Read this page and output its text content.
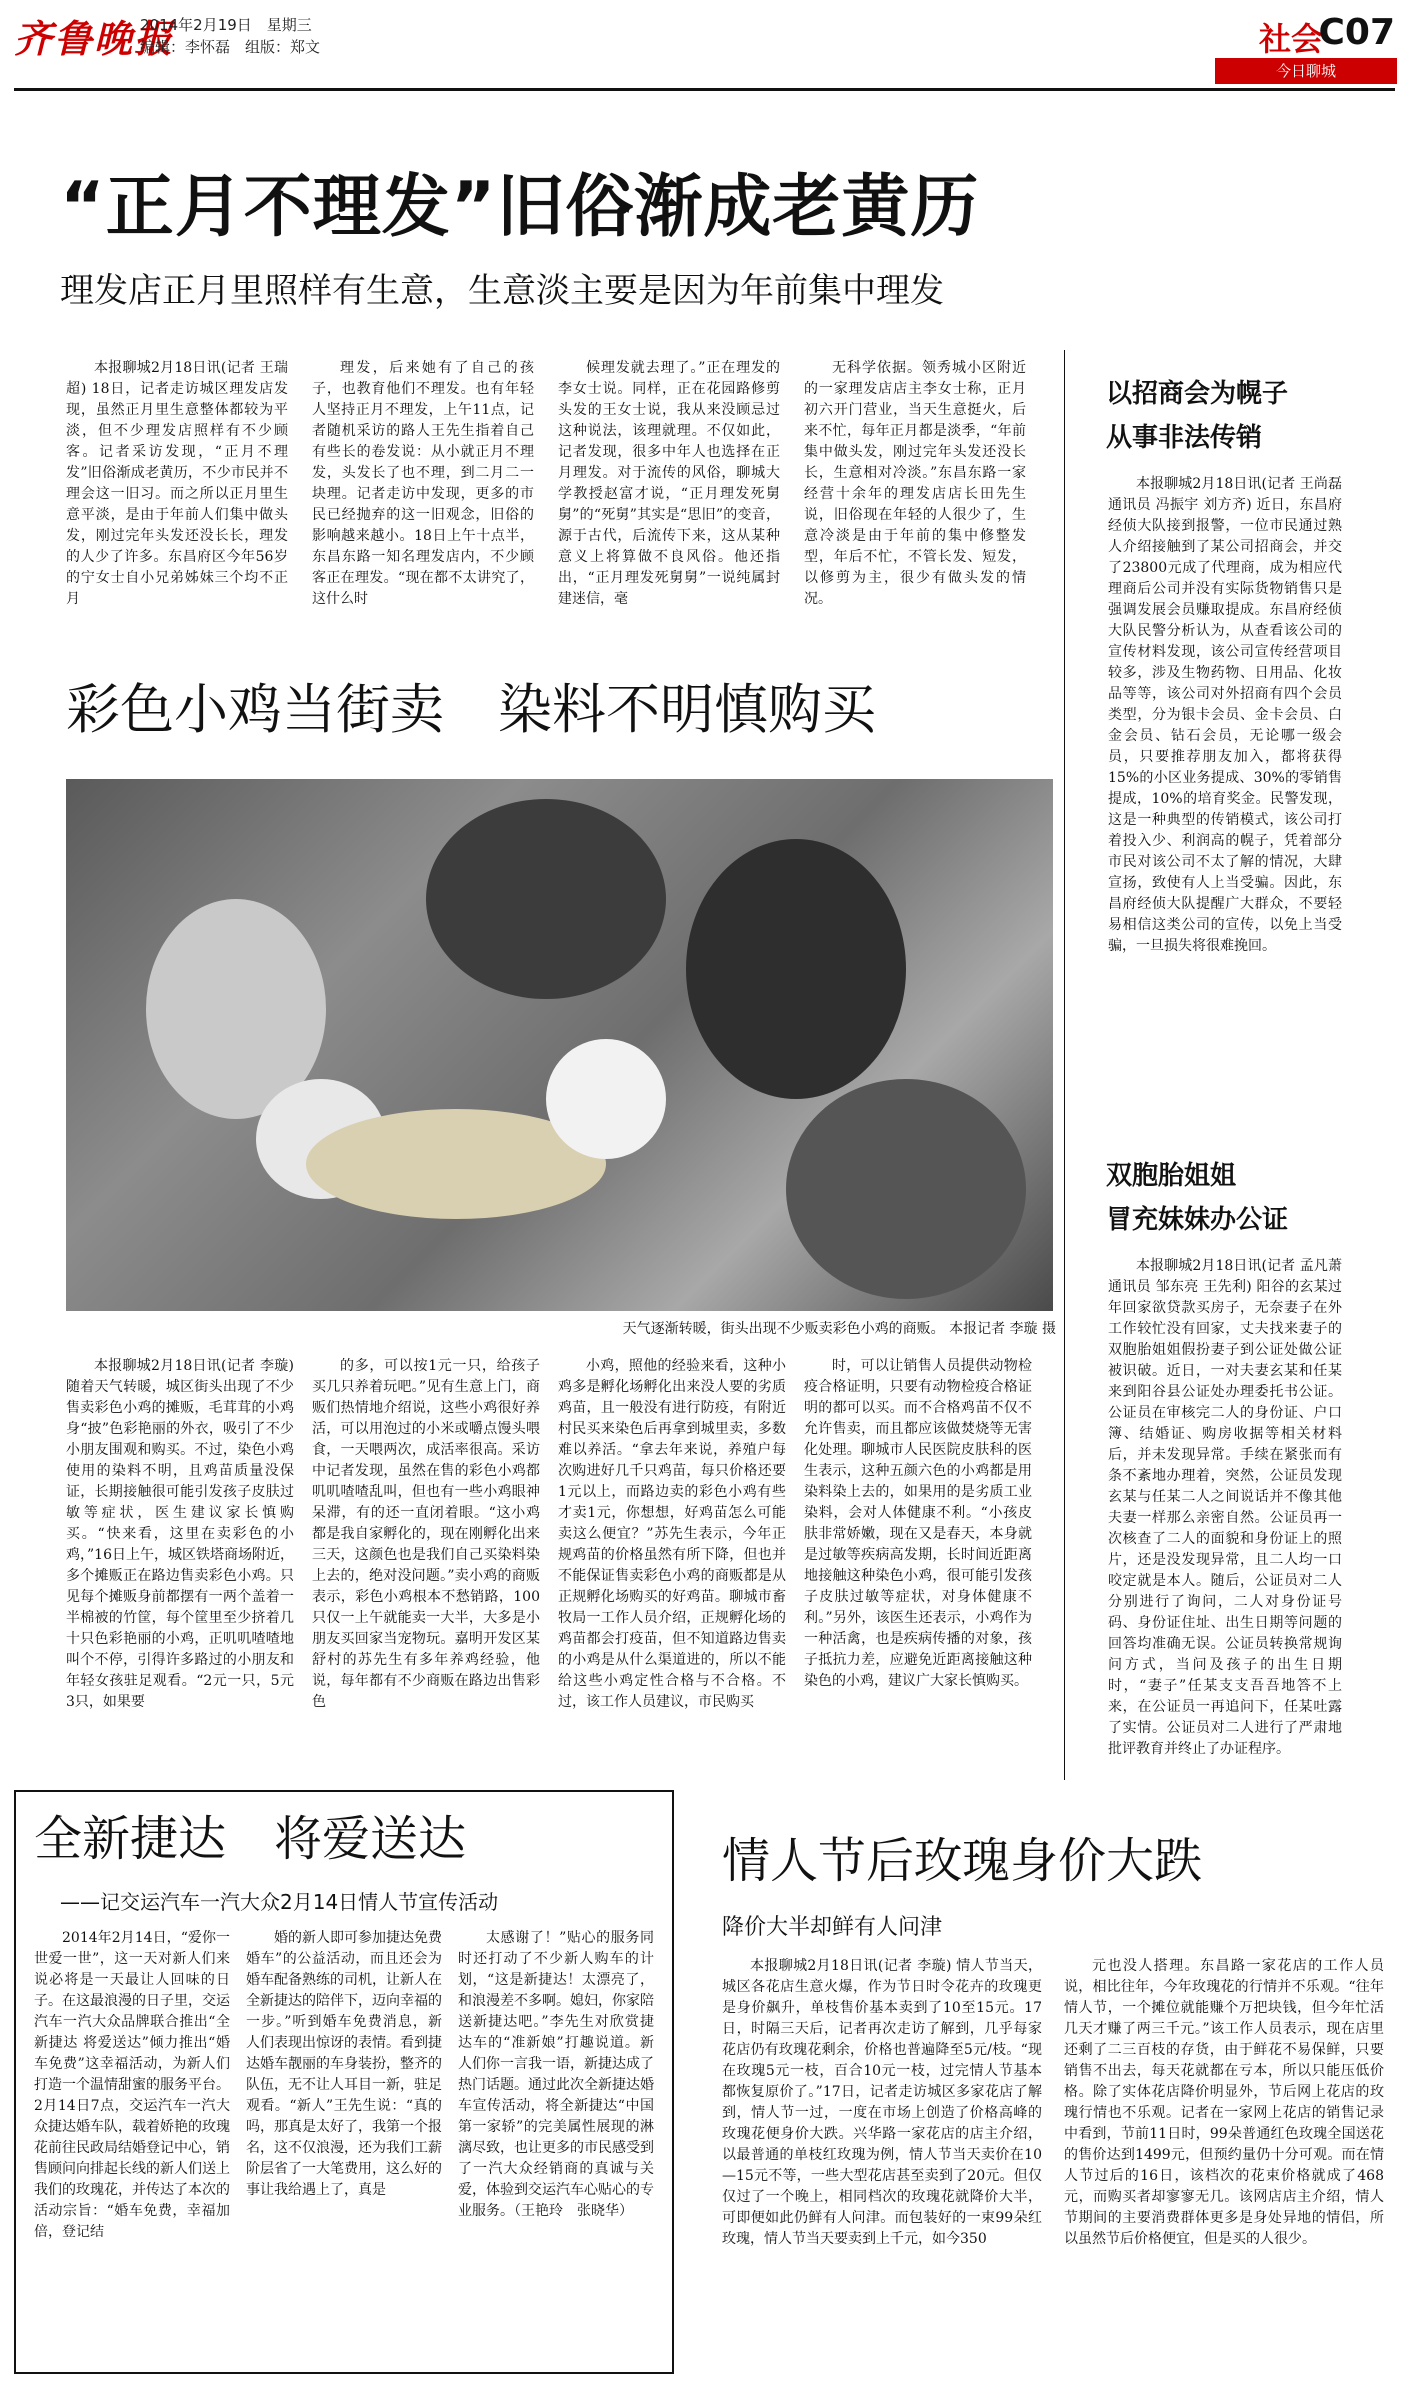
齐鲁晚报
2014年2月19日　星期三
编辑：李怀磊　组版：郑文	社会
C07
今日聊城
“正月不理发”旧俗渐成老黄历
理发店正月里照样有生意，生意淡主要是因为年前集中理发

本报聊城2月18日讯(记者 王瑞超) 18日，记者走访城区理发店发现，虽然正月里生意整体都较为平淡，但不少理发店照样有不少顾客。记者采访发现，“正月不理发”旧俗渐成老黄历，不少市民并不理会这一旧习。而之所以正月里生意平淡，是由于年前人们集中做头发，刚过完年头发还没长长，理发的人少了许多。东昌府区今年56岁的宁女士自小兄弟姊妹三个均不正月

理发，后来她有了自己的孩子，也教育他们不理发。也有年轻人坚持正月不理发，上午11点，记者随机采访的路人王先生指着自己有些长的卷发说：从小就正月不理发，头发长了也不理，到二月二一块理。记者走访中发现，更多的市民已经抛弃的这一旧观念，旧俗的影响越来越小。18日上午十点半，东昌东路一知名理发店内，不少顾客正在理发。“现在都不太讲究了，这什么时

候理发就去理了。”正在理发的李女士说。同样，正在花园路修剪头发的王女士说，我从来没顾忌过这种说法，该理就理。不仅如此，记者发现，很多中年人也选择在正月理发。对于流传的风俗，聊城大学教授赵富才说，“正月理发死舅舅”的“死舅”其实是“思旧”的变音，源于古代，后流传下来，这从某种意义上将算做不良风俗。他还指出，“正月理发死舅舅”一说纯属封建迷信，毫

无科学依据。领秀城小区附近的一家理发店店主李女士称，正月初六开门营业，当天生意挺火，后来不忙，每年正月都是淡季，“年前集中做头发，刚过完年头发还没长长，生意相对冷淡。”东昌东路一家经营十余年的理发店店长田先生说，旧俗现在年轻的人很少了，生意冷淡是由于年前的集中修整发型，年后不忙，不管长发、短发，以修剪为主，很少有做头发的情况。

彩色小鸡当街卖　染料不明慎购买
天气逐渐转暖，街头出现不少贩卖彩色小鸡的商贩。 本报记者 李璇 摄

本报聊城2月18日讯(记者 李璇) 随着天气转暖，城区街头出现了不少售卖彩色小鸡的摊贩，毛茸茸的小鸡身“披”色彩艳丽的外衣，吸引了不少小朋友围观和购买。不过，染色小鸡使用的染料不明，且鸡苗质量没保证，长期接触很可能引发孩子皮肤过敏等症状，医生建议家长慎购买。“快来看，这里在卖彩色的小鸡，”16日上午，城区铁塔商场附近，多个摊贩正在路边售卖彩色小鸡。只见每个摊贩身前都摆有一两个盖着一半棉被的竹筐，每个筐里至少挤着几十只色彩艳丽的小鸡，正叽叽喳喳地叫个不停，引得许多路过的小朋友和年轻女孩驻足观看。“2元一只，5元3只，如果要

的多，可以按1元一只，给孩子买几只养着玩吧。”见有生意上门，商贩们热情地介绍说，这些小鸡很好养活，可以用泡过的小米或嚼点馒头喂食，一天喂两次，成活率很高。采访中记者发现，虽然在售的彩色小鸡都叽叽喳喳乱叫，但也有一些小鸡眼神呆滞，有的还一直闭着眼。“这小鸡都是我自家孵化的，现在刚孵化出来三天，这颜色也是我们自己买染料染上去的，绝对没问题。”卖小鸡的商贩表示，彩色小鸡根本不愁销路，100只仅一上午就能卖一大半，大多是小朋友买回家当宠物玩。嘉明开发区某舒村的苏先生有多年养鸡经验，他说，每年都有不少商贩在路边出售彩色

小鸡，照他的经验来看，这种小鸡多是孵化场孵化出来没人要的劣质鸡苗，且一般没有进行防疫，有附近村民买来染色后再拿到城里卖，多数难以养活。“拿去年来说，养殖户每次购进好几千只鸡苗，每只价格还要1元以上，而路边卖的彩色小鸡有些才卖1元，你想想，好鸡苗怎么可能卖这么便宜？”苏先生表示，今年正规鸡苗的价格虽然有所下降，但也并不能保证售卖彩色小鸡的商贩都是从正规孵化场购买的好鸡苗。聊城市畜牧局一工作人员介绍，正规孵化场的鸡苗都会打疫苗，但不知道路边售卖的小鸡是从什么渠道进的，所以不能给这些小鸡定性合格与不合格。不过，该工作人员建议，市民购买

时，可以让销售人员提供动物检疫合格证明，只要有动物检疫合格证明的都可以买。而不合格鸡苗不仅不允许售卖，而且都应该做焚烧等无害化处理。聊城市人民医院皮肤科的医生表示，这种五颜六色的小鸡都是用染料染上去的，如果用的是劣质工业染料，会对人体健康不利。“小孩皮肤非常娇嫩，现在又是春天，本身就是过敏等疾病高发期，长时间近距离地接触这种染色小鸡，很可能引发孩子皮肤过敏等症状，对身体健康不利。”另外，该医生还表示，小鸡作为一种活禽，也是疾病传播的对象，孩子抵抗力差，应避免近距离接触这种染色的小鸡，建议广大家长慎购买。

以招商会为幌子
从事非法传销

本报聊城2月18日讯(记者 王尚磊 通讯员 冯振宇 刘方齐) 近日，东昌府经侦大队接到报警，一位市民通过熟人介绍接触到了某公司招商会，并交了23800元成了代理商，成为相应代理商后公司并没有实际货物销售只是强调发展会员赚取提成。东昌府经侦大队民警分析认为，从查看该公司的宣传材料发现，该公司宣传经营项目较多，涉及生物药物、日用品、化妆品等等，该公司对外招商有四个会员类型，分为银卡会员、金卡会员、白金会员、钻石会员，无论哪一级会员，只要推荐朋友加入，都将获得15%的小区业务提成、30%的零销售提成，10%的培育奖金。民警发现，这是一种典型的传销模式，该公司打着投入少、利润高的幌子，凭着部分市民对该公司不太了解的情况，大肆宣扬，致使有人上当受骗。因此，东昌府经侦大队提醒广大群众，不要轻易相信这类公司的宣传，以免上当受骗，一旦损失将很难挽回。

双胞胎姐姐
冒充妹妹办公证

本报聊城2月18日讯(记者 孟凡萧 通讯员 邹东亮 王先利) 阳谷的玄某过年回家欲贷款买房子，无奈妻子在外工作较忙没有回家，丈夫找来妻子的双胞胎姐姐假扮妻子到公证处做公证被识破。近日，一对夫妻玄某和任某来到阳谷县公证处办理委托书公证。公证员在审核完二人的身份证、户口簿、结婚证、购房收据等相关材料后，并未发现异常。手续在紧张而有条不紊地办理着，突然，公证员发现玄某与任某二人之间说话并不像其他夫妻一样那么亲密自然。公证员再一次核查了二人的面貌和身份证上的照片，还是没发现异常，且二人均一口咬定就是本人。随后，公证员对二人分别进行了询问，二人对身份证号码、身份证住址、出生日期等问题的回答均准确无误。公证员转换常规询问方式，当问及孩子的出生日期时，“妻子”任某支支吾吾地答不上来，在公证员一再追问下，任某吐露了实情。公证员对二人进行了严肃地批评教育并终止了办证程序。

全新捷达　将爱送达
——记交运汽车一汽大众2月14日情人节宣传活动

2014年2月14日，“爱你一世爱一世”，这一天对新人们来说必将是一天最让人回味的日子。在这最浪漫的日子里，交运汽车一汽大众品牌联合推出“全新捷达 将爱送达”倾力推出“婚车免费”这幸福活动，为新人们打造一个温情甜蜜的服务平台。2月14日7点，交运汽车一汽大众捷达婚车队，载着娇艳的玫瑰花前往民政局结婚登记中心，销售顾问向排起长线的新人们送上我们的玫瑰花，并传达了本次的活动宗旨：“婚车免费，幸福加倍，登记结

婚的新人即可参加捷达免费婚车”的公益活动，而且还会为婚车配备熟练的司机，让新人在全新捷达的陪伴下，迈向幸福的一步。”听到婚车免费消息，新人们表现出惊讶的表情。看到捷达婚车靓丽的车身装扮，整齐的队伍，无不让人耳目一新，驻足观看。“新人”王先生说：“真的吗，那真是太好了，我第一个报名，这不仅浪漫，还为我们工薪阶层省了一大笔费用，这么好的事让我给遇上了，真是

太感谢了！”贴心的服务同时还打动了不少新人购车的计划，“这是新捷达！太漂亮了，和浪漫差不多啊。媳妇，你家陪送新捷达吧。”李先生对欣赏捷达车的“准新娘”打趣说道。新人们你一言我一语，新捷达成了热门话题。通过此次全新捷达婚车宣传活动，将全新捷达“中国第一家轿”的完美属性展现的淋漓尽致，也让更多的市民感受到了一汽大众经销商的真诚与关爱，体验到交运汽车心贴心的专业服务。（王艳玲　张晓华）

情人节后玫瑰身价大跌
降价大半却鲜有人问津

本报聊城2月18日讯(记者 李璇) 情人节当天，城区各花店生意火爆，作为节日时令花卉的玫瑰更是身价飙升，单枝售价基本卖到了10至15元。17日，时隔三天后，记者再次走访了解到，几乎每家花店仍有玫瑰花剩余，价格也普遍降至5元/枝。“现在玫瑰5元一枝，百合10元一枝，过完情人节基本都恢复原价了。”17日，记者走访城区多家花店了解到，情人节一过，一度在市场上创造了价格高峰的玫瑰花便身价大跌。兴华路一家花店的店主介绍，以最普通的单枝红玫瑰为例，情人节当天卖价在10—15元不等，一些大型花店甚至卖到了20元。但仅仅过了一个晚上，相同档次的玫瑰花就降价大半，可即便如此仍鲜有人问津。而包装好的一束99朵红玫瑰，情人节当天要卖到上千元，如今350

元也没人搭理。东昌路一家花店的工作人员说，相比往年，今年玫瑰花的行情并不乐观。“往年情人节，一个摊位就能赚个万把块钱，但今年忙活几天才赚了两三千元。”该工作人员表示，现在店里还剩了二三百枝的存货，由于鲜花不易保鲜，只要销售不出去，每天花就都在亏本，所以只能压低价格。除了实体花店降价明显外，节后网上花店的玫瑰行情也不乐观。记者在一家网上花店的销售记录中看到，节前11日时，99朵普通红色玫瑰全国送花的售价达到1499元，但预约量仍十分可观。而在情人节过后的16日，该档次的花束价格就成了468元，而购买者却寥寥无几。该网店店主介绍，情人节期间的主要消费群体更多是身处异地的情侣，所以虽然节后价格便宜，但是买的人很少。
